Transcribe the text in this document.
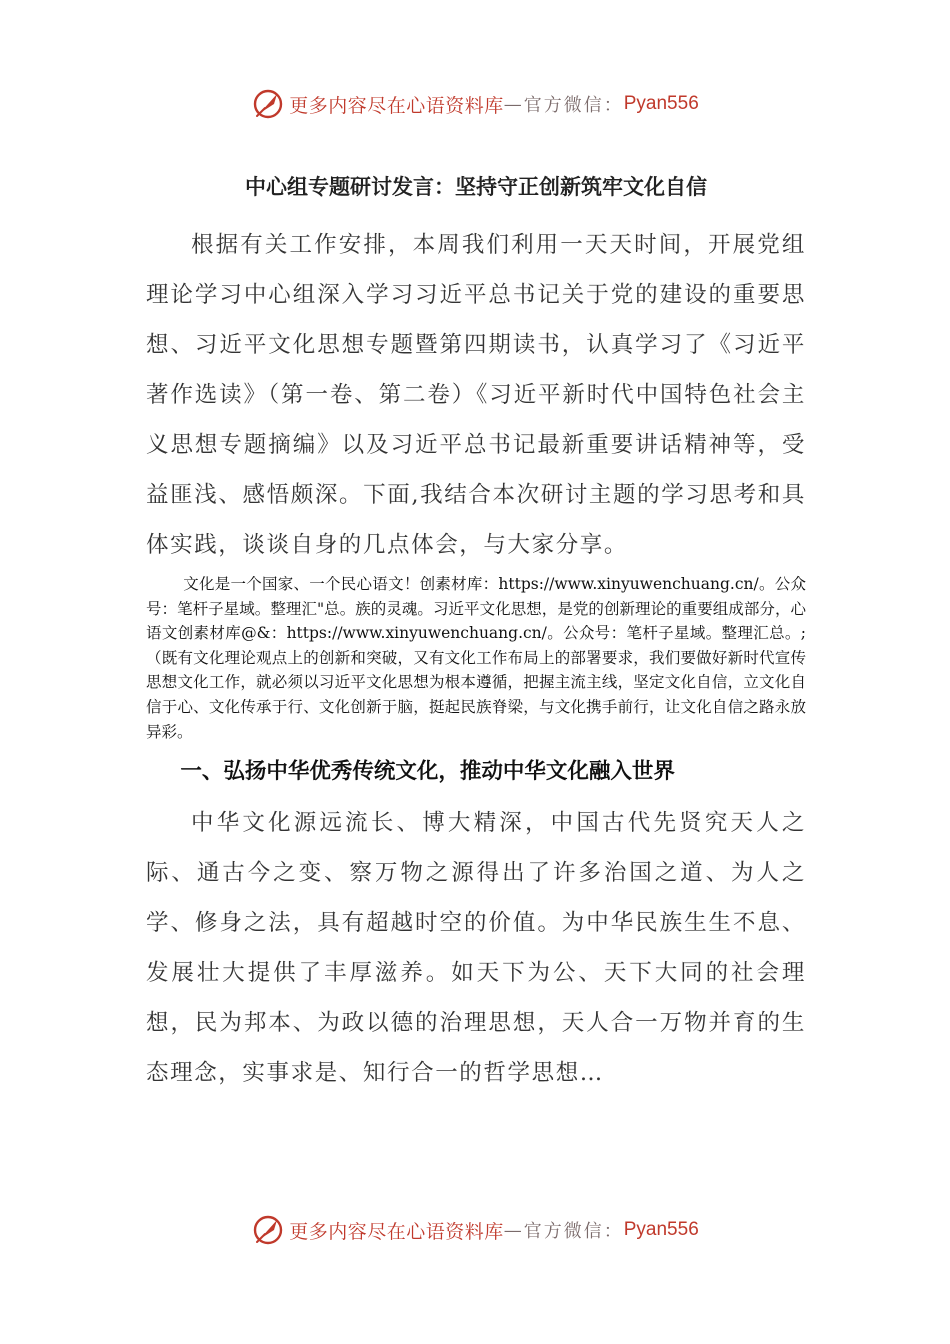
更多内容尽在心语资料库 — 官方微信： Pyan556
中心组专题研讨发言：坚持守正创新筑牢文化自信

根据有关工作安排，本周我们利用一天天时间，开展党组理论学习中心组深入学习习近平总书记关于党的建设的重要思想、习近平文化思想专题暨第四期读书，认真学习了《习近平著作选读》（第一卷、第二卷）《习近平新时代中国特色社会主义思想专题摘编》以及习近平总书记最新重要讲话精神等，受益匪浅、感悟颇深。下面,我结合本次研讨主题的学习思考和具体实践，谈谈自身的几点体会，与大家分享。

文化是一个国家、一个民心语文！创素材库：https://www.xinyuwenchuang.cn/。公众号：笔杆子星域。整理汇"总。族的灵魂。习近平文化思想，是党的创新理论的重要组成部分，心语文创素材库@&：https://www.xinyuwenchuang.cn/。公众号：笔杆子星域。整理汇总。;（既有文化理论观点上的创新和突破，又有文化工作布局上的部署要求，我们要做好新时代宣传思想文化工作，就必须以习近平文化思想为根本遵循，把握主流主线，坚定文化自信，立文化自信于心、文化传承于行、文化创新于脑，挺起民族脊梁，与文化携手前行，让文化自信之路永放异彩。

一、弘扬中华优秀传统文化，推动中华文化融入世界

中华文化源远流长、博大精深，中国古代先贤究天人之际、通古今之变、察万物之源得出了许多治国之道、为人之学、修身之法，具有超越时空的价值。为中华民族生生不息、发展壮大提供了丰厚滋养。如天下为公、天下大同的社会理想，民为邦本、为政以德的治理思想，天人合一万物并育的生态理念，实事求是、知行合一的哲学思想…

更多内容尽在心语资料库 — 官方微信： Pyan556
